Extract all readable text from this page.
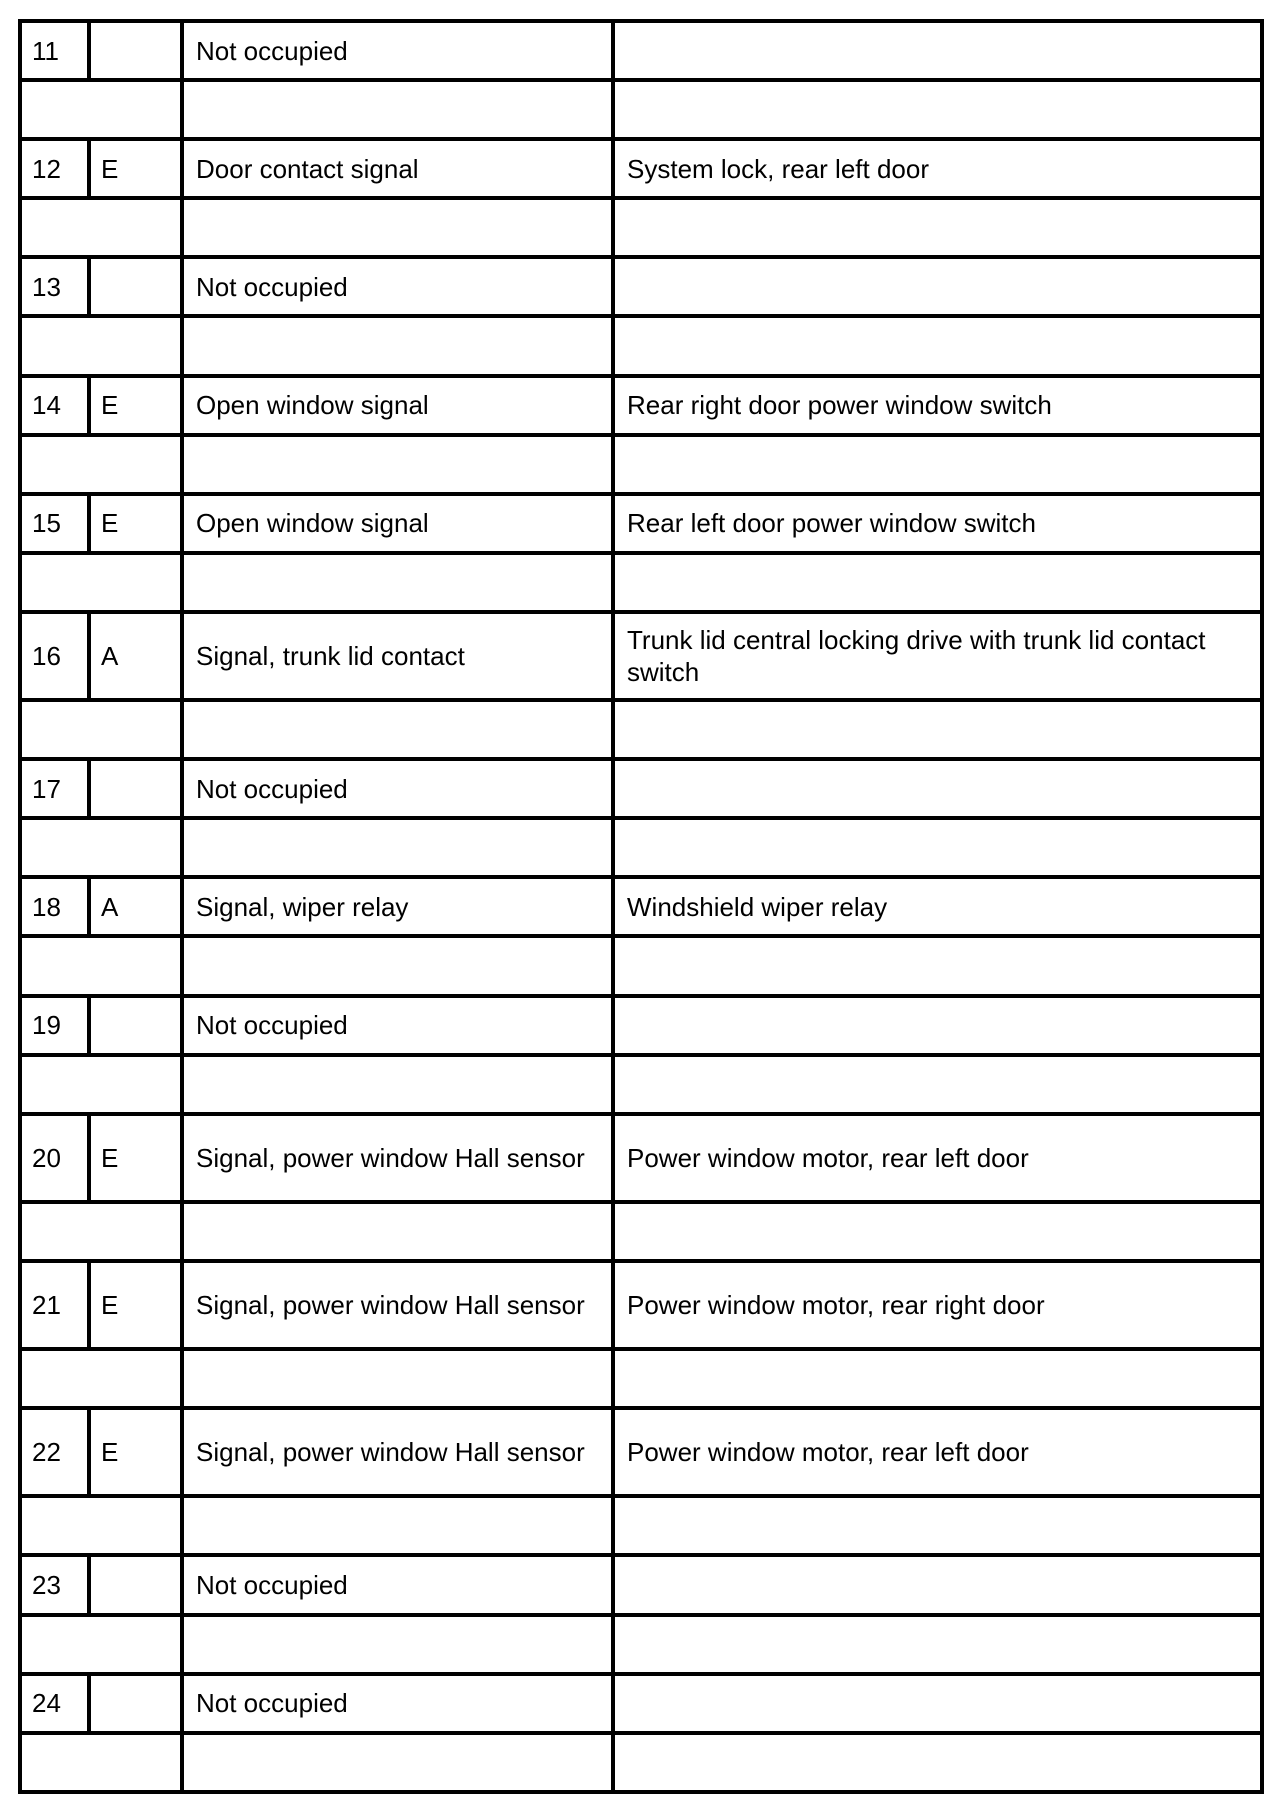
11		Not occupied	

12	E	Door contact signal	System lock, rear left door

13		Not occupied	

14	E	Open window signal	Rear right door power window switch

15	E	Open window signal	Rear left door power window switch

16	A	Signal, trunk lid contact	Trunk lid central locking drive with trunk lid contact switch

17		Not occupied	

18	A	Signal, wiper relay	Windshield wiper relay

19		Not occupied	

20	E	Signal, power window Hall sensor	Power window motor, rear left door

21	E	Signal, power window Hall sensor	Power window motor, rear right door

22	E	Signal, power window Hall sensor	Power window motor, rear left door

23		Not occupied	

24		Not occupied	
